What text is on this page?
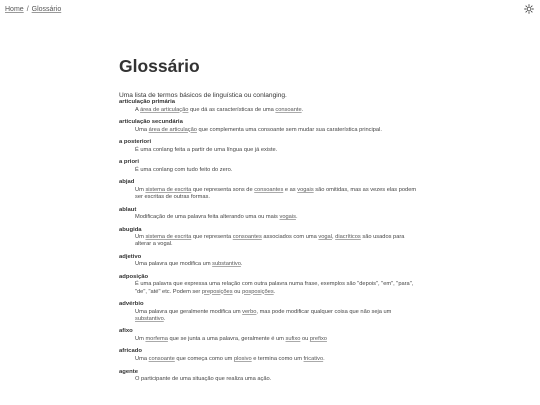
Home / Glossário
Glossário

Uma lista de termos básicos de linguística ou conlanging.

articulação primária
A área de articulação que dá as características de uma consoante.
articulação secundária
Uma área de articulação que complementa uma consoante sem mudar sua caraterística principal.
a posteriori
É uma conlang feita a partir de uma língua que já existe.
a priori
É uma conlang com tudo feito do zero.
abjad
Um sistema de escrita que representa sons de consoantes e as vogais são omitidas, mas as vezes elas podem ser escritas de outras formas.
ablaut
Modificação de uma palavra feita alterando uma ou mais vogais.
abugida
Um sistema de escrita que representa consoantes associados com uma vogal, diacríticos são usados para alterar a vogal.
adjetivo
Uma palavra que modifica um substantivo.
adposição
É uma palavra que expressa uma relação com outra palavra numa frase, exemplos são "depois", "em", "para", "de", "até" etc. Podem ser preposições ou posposições.
advérbio
Uma palavra que geralmente modifica um verbo, mas pode modificar qualquer coisa que não seja um substantivo.
afixo
Um morfema que se junta a uma palavra, geralmente é um sufixo ou prefixo
africado
Uma consoante que começa como um plosivo e termina como um fricativo.
agente
O participante de uma situação que realiza uma ação.
